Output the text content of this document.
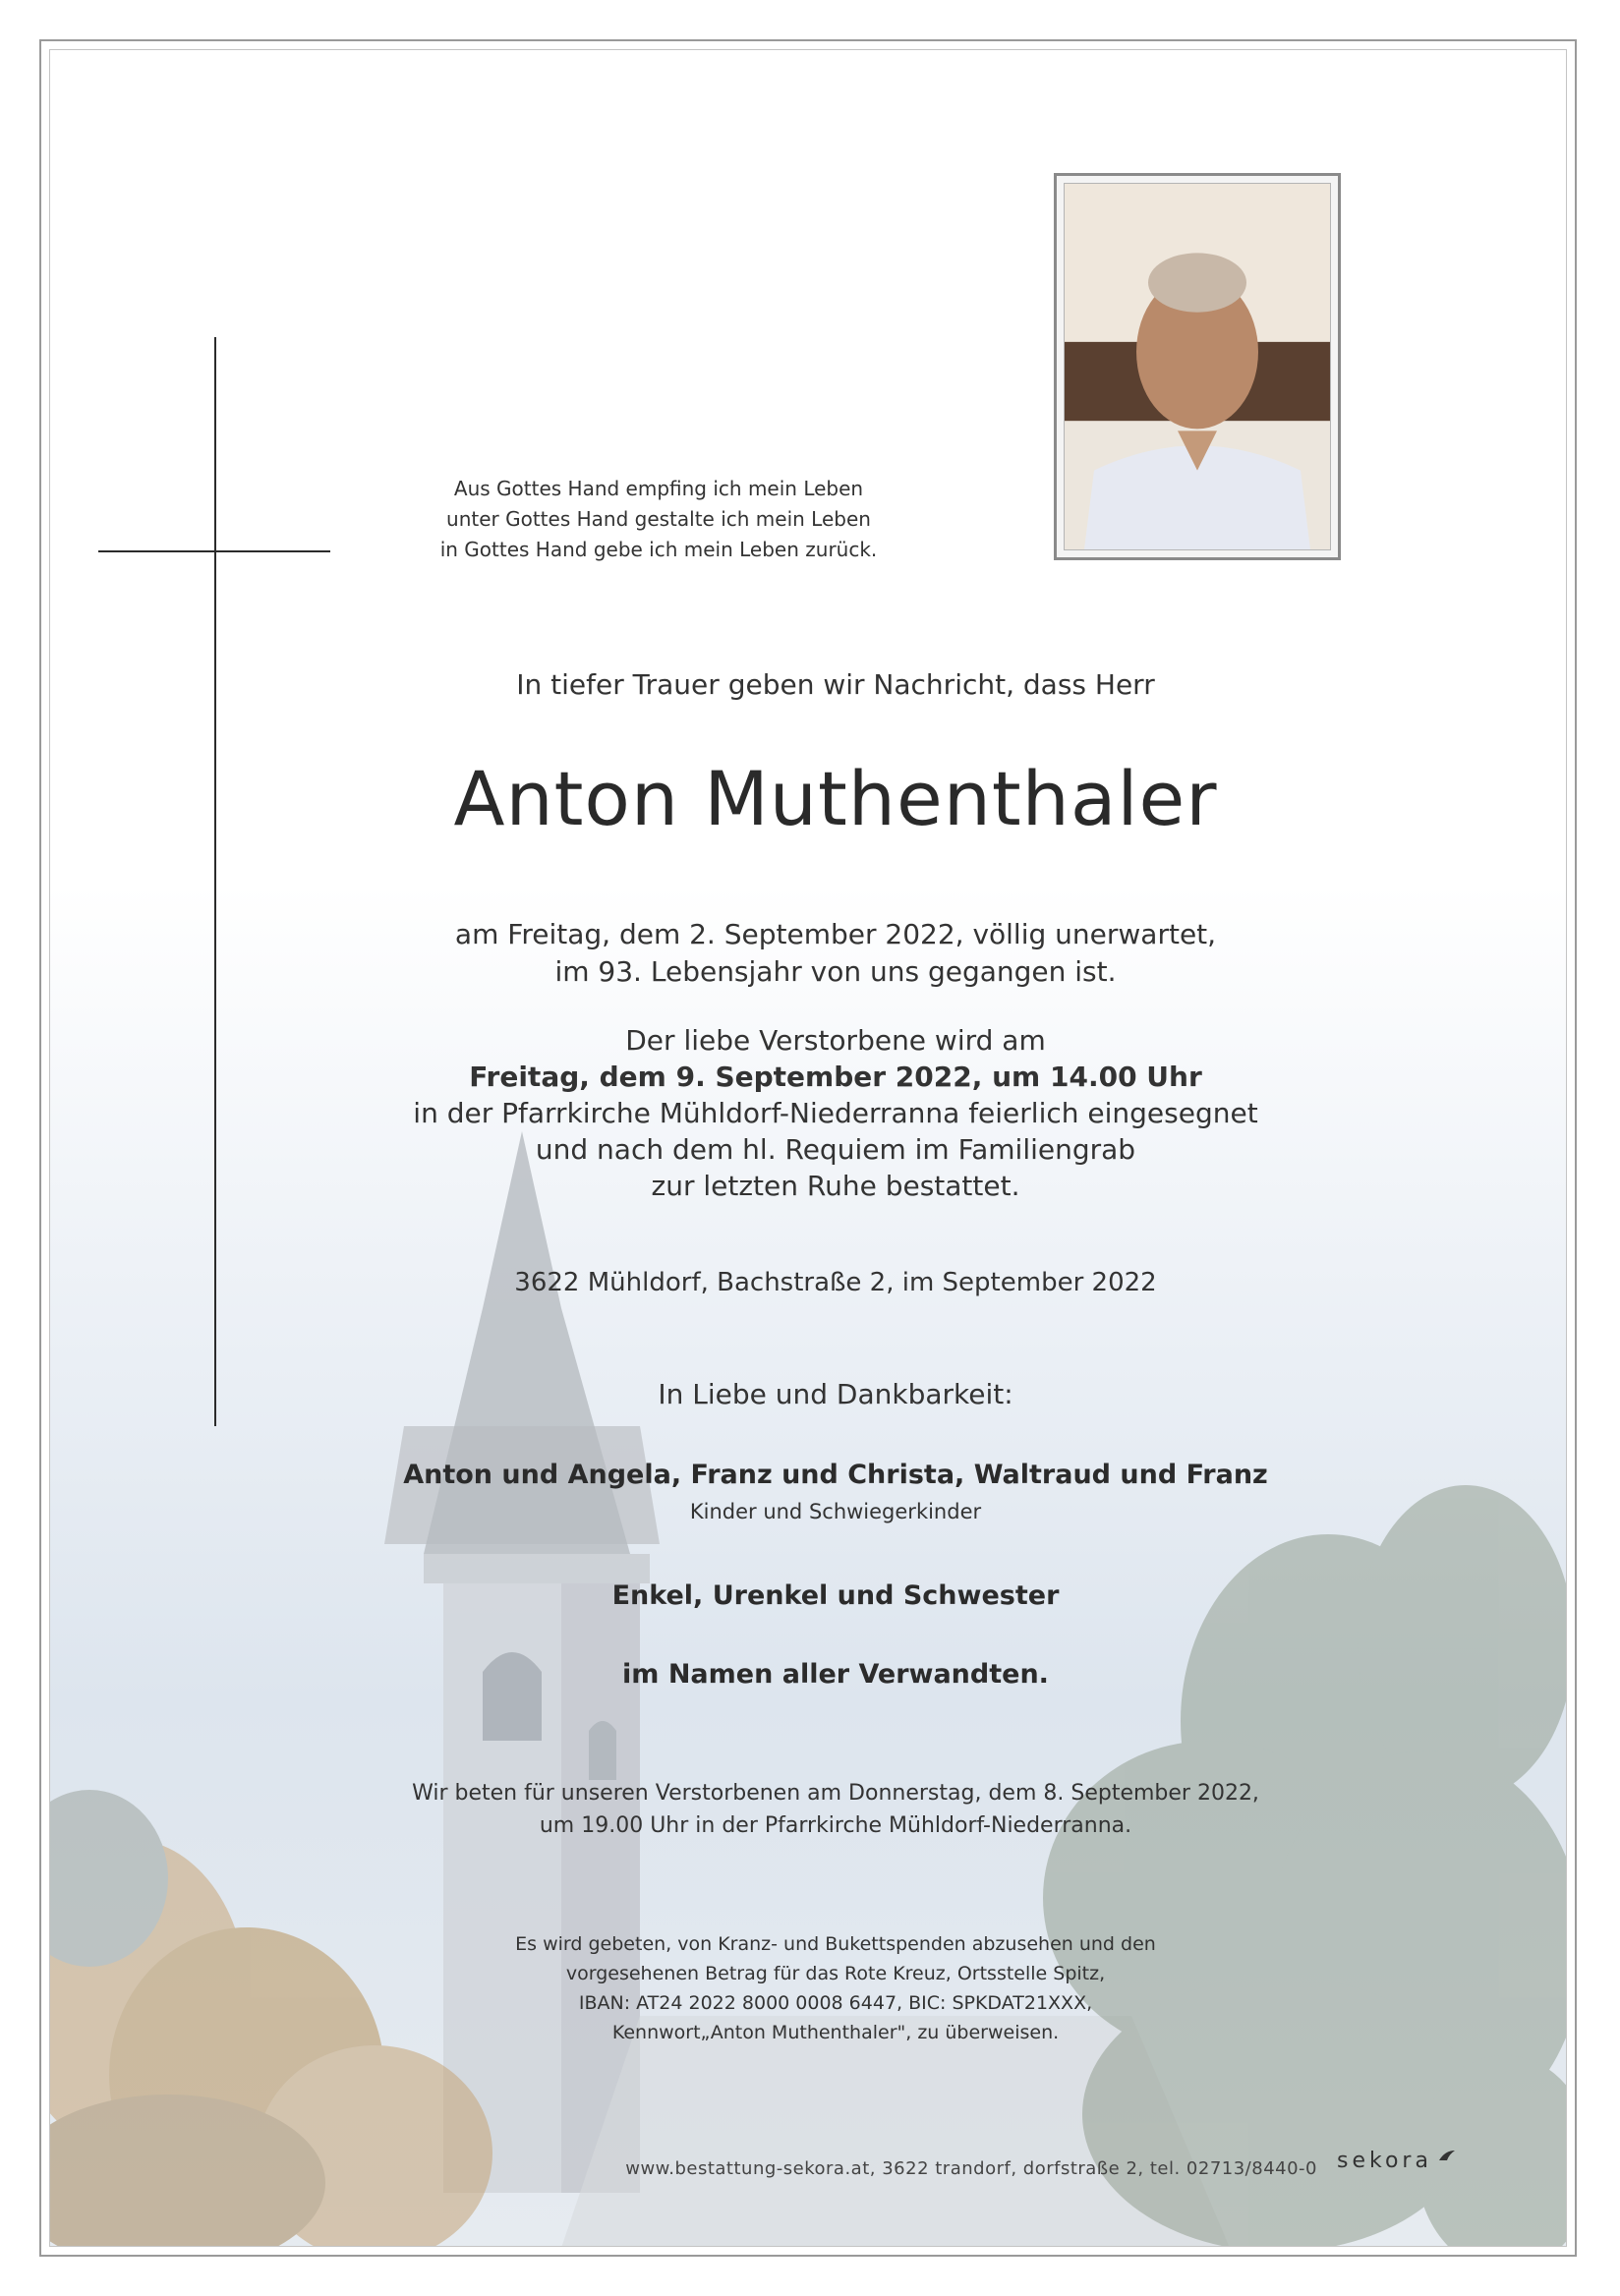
Aus Gottes Hand empfing ich mein Leben
unter Gottes Hand gestalte ich mein Leben
in Gottes Hand gebe ich mein Leben zurück.
In tiefer Trauer geben wir Nachricht, dass Herr
Anton Muthenthaler
am Freitag, dem 2. September 2022, völlig unerwartet,
im 93. Lebensjahr von uns gegangen ist.
Der liebe Verstorbene wird am
Freitag, dem 9. September 2022, um 14.00 Uhr
in der Pfarrkirche Mühldorf-Niederranna feierlich eingesegnet
und nach dem hl. Requiem im Familiengrab
zur letzten Ruhe bestattet.
3622 Mühldorf, Bachstraße 2, im September 2022
In Liebe und Dankbarkeit:
Anton und Angela, Franz und Christa, Waltraud und Franz
Kinder und Schwiegerkinder
Enkel, Urenkel und Schwester
im Namen aller Verwandten.
Wir beten für unseren Verstorbenen am Donnerstag, dem 8. September 2022,
um 19.00 Uhr in der Pfarrkirche Mühldorf-Niederranna.
Es wird gebeten, von Kranz- und Bukettspenden abzusehen und den
vorgesehenen Betrag für das Rote Kreuz, Ortsstelle Spitz,
IBAN: AT24 2022 8000 0008 6447, BIC: SPKDAT21XXX,
Kennwort„Anton Muthenthaler", zu überweisen.
www.bestattung-sekora.at, 3622 trandorf, dorfstraße 2, tel. 02713/8440-0 sekora
